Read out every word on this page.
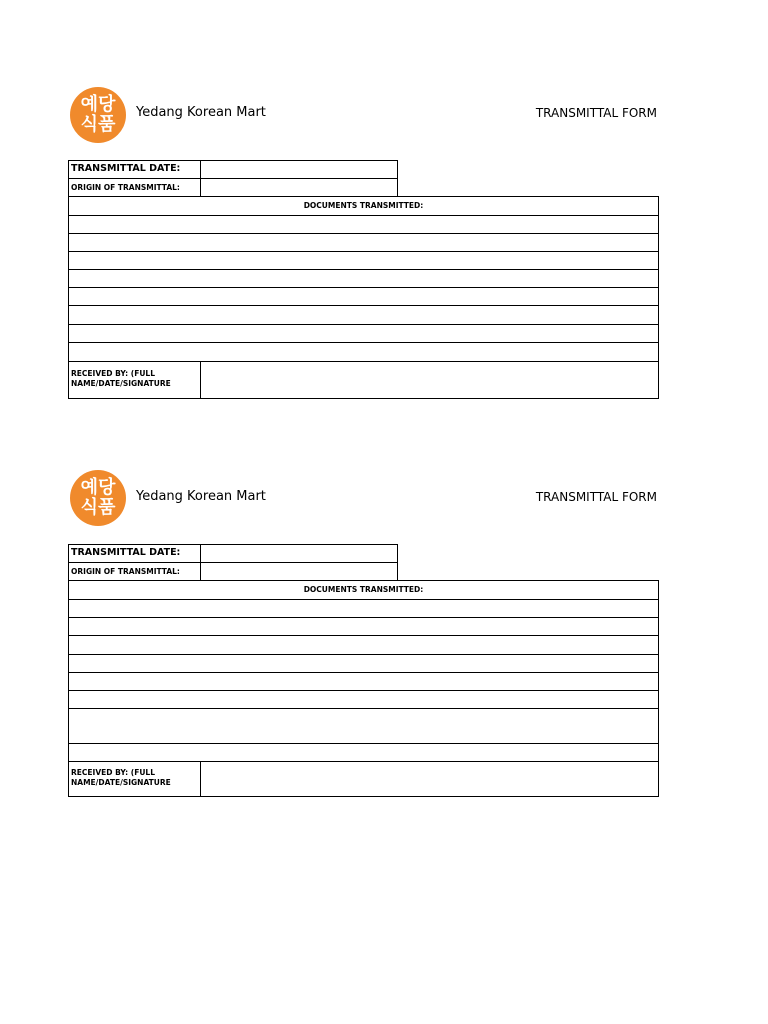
예당
식품
Yedang Korean Mart	TRANSMITTAL FORM
TRANSMITTAL DATE:
ORIGIN OF TRANSMITTAL:
DOCUMENTS TRANSMITTED:
RECEIVED BY: (FULL
NAME/DATE/SIGNATURE
예당
식품
Yedang Korean Mart	TRANSMITTAL FORM
TRANSMITTAL DATE:
ORIGIN OF TRANSMITTAL:
DOCUMENTS TRANSMITTED:
RECEIVED BY: (FULL
NAME/DATE/SIGNATURE
